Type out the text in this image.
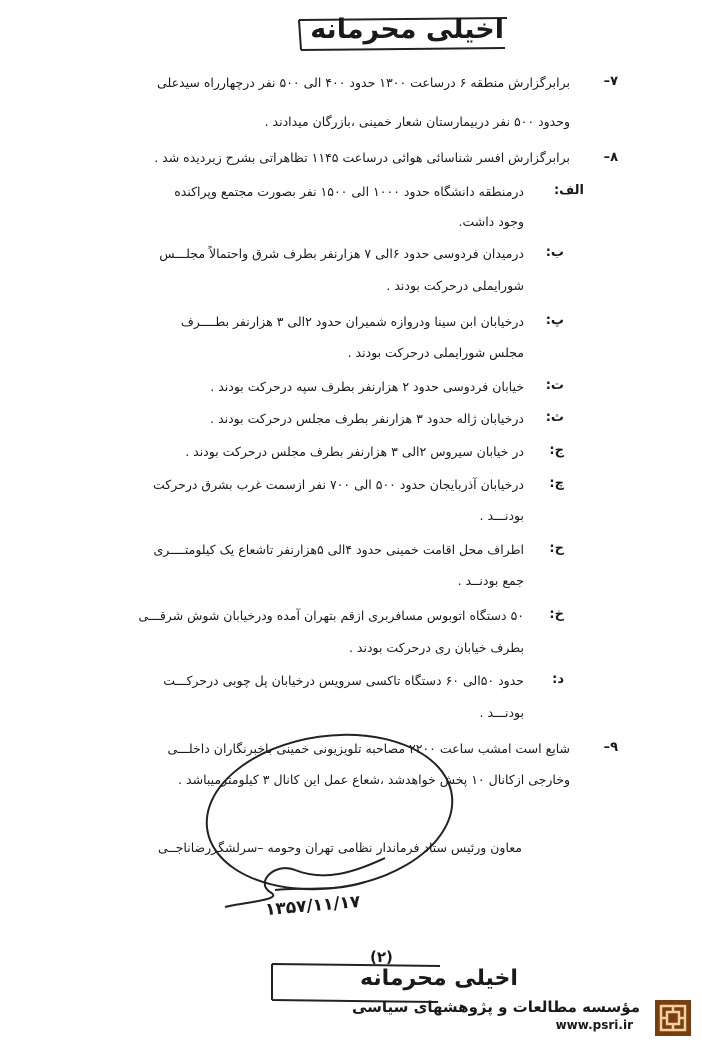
اخیلی محرمانه
۷–
برابرگزارش منطقه ۶ درساعت ۱۳۰۰ حدود ۴۰۰ الی ۵۰۰ نفر درچهارراه سیدعلی
وحدود ۵۰۰ نفر دربیمارستان شعار خمینی ،بازرگان میدادند .
۸–
برابرگزارش افسر شناسائی هوائی درساعت ۱۱۴۵ تظاهراتی بشرح زیردیده شد .
الف:
درمنطقه دانشگاه حدود ۱۰۰۰ الی ۱۵۰۰ نفر بصورت مجتمع وپراکنده
وجود داشت.
ب:
درمیدان فردوسی حدود ۶الی ۷ هزارنفر بطرف شرق واحتمالاً مجلـــس
شورایملی درحرکت بودند .
پ:
درخیابان ابن سینا ودروازه شمیران حدود ۲الی ۳ هزارنفر بطــــرف
مجلس شورایملی درحرکت بودند .
ت:
خیابان فردوسی حدود ۲ هزارنفر بطرف سپه درحرکت بودند .
ث:
درخیابان ژاله حدود ۳ هزارنفر بطرف مجلس درحرکت بودند .
ج:
در خیابان سیروس ۲الی ۳ هزارنفر بطرف مجلس درحرکت بودند .
چ:
درخیابان آذربایجان حدود ۵۰۰ الی ۷۰۰ نفر ازسمت غرب بشرق درحرکت
بودنـــد .
ح:
اطراف محل اقامت خمینی حدود ۴الی ۵هزارنفر تاشعاع یک کیلومتــــری
جمع بودنــد .
خ:
۵۰ دستگاه اتوبوس مسافربری ازقم بتهران آمده ودرخیابان شوش شرقـــی
بطرف خیابان ری درحرکت بودند .
د:
حدود ۵۰الی ۶۰ دستگاه تاکسی سرویس درخیابان پل چوبی درحرکـــت
بودنـــد .
۹–
شایع است امشب ساعت ۲۲۰۰ مصاحبه تلویزیونی خمینی باخبرنگاران داخلـــی
وخارجی ازکانال ۱۰ پخش خواهدشد ،شعاع عمل این کانال ۳ کیلومترمیباشد .
معاون ورئیس ستاد فرماندار نظامی تهران وحومه –سرلشگررضاناجــی
۱۳۵۷/۱۱/۱۷
(۲)
اخیلی محرمانه
مؤسسه مطالعات و پژوهشهای سیاسی
www.psri.ir
